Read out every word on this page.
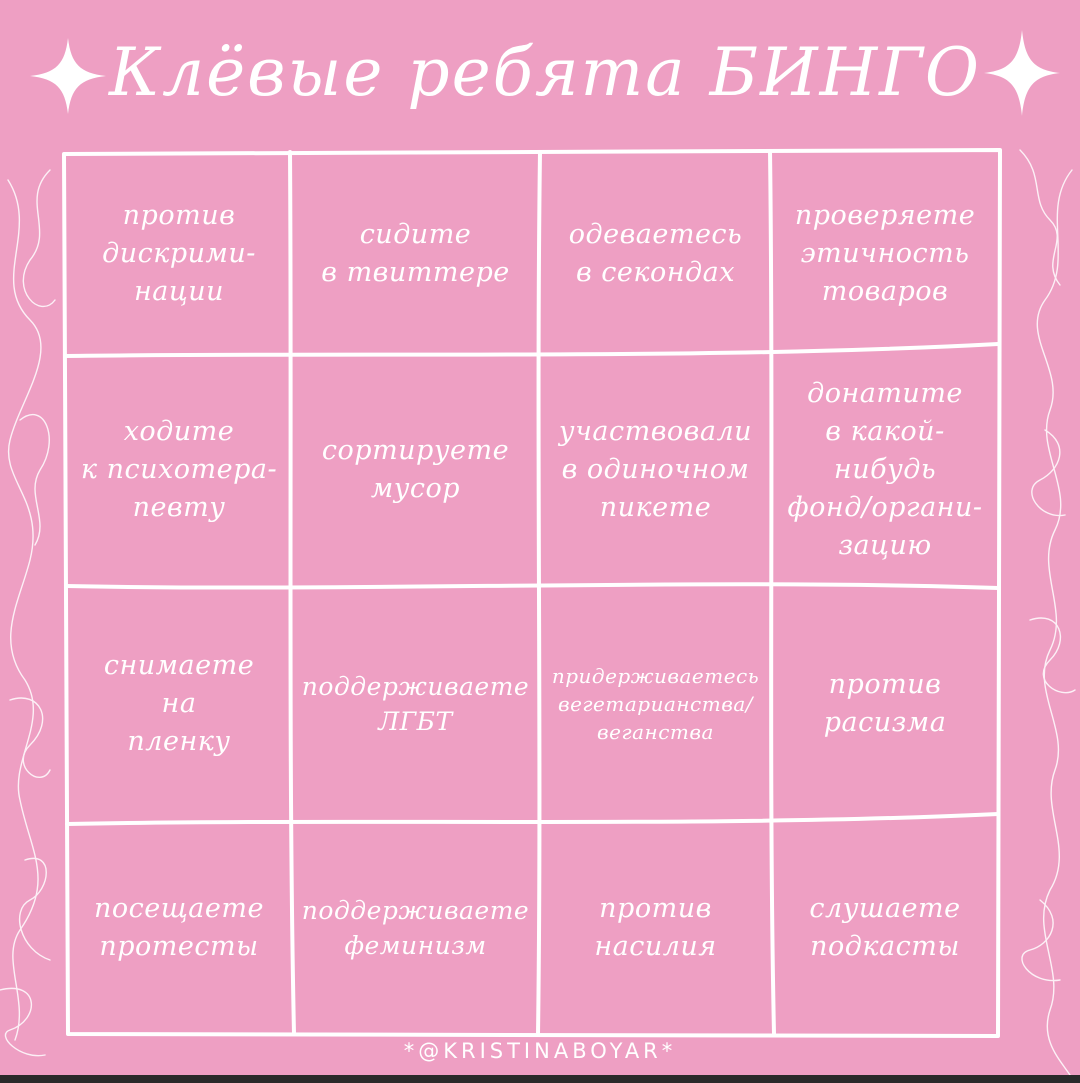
Клёвые ребята БИНГО
против
дискрими-
нации
сидите
в твиттере
одеваетесь
в секондах
проверяете
этичность
товаров
ходите
к психотера-
певту
сортируете
мусор
участвовали
в одиночном
пикете
донатите
в какой-нибудь
фонд/органи-
зацию
снимаете
на
пленку
поддерживаете
ЛГБТ
придерживаетесь
вегетарианства/
веганства
против
расизма
посещаете
протесты
поддерживаете
феминизм
против
насилия
слушаете
подкасты
*@KRISTINABOYAR*
